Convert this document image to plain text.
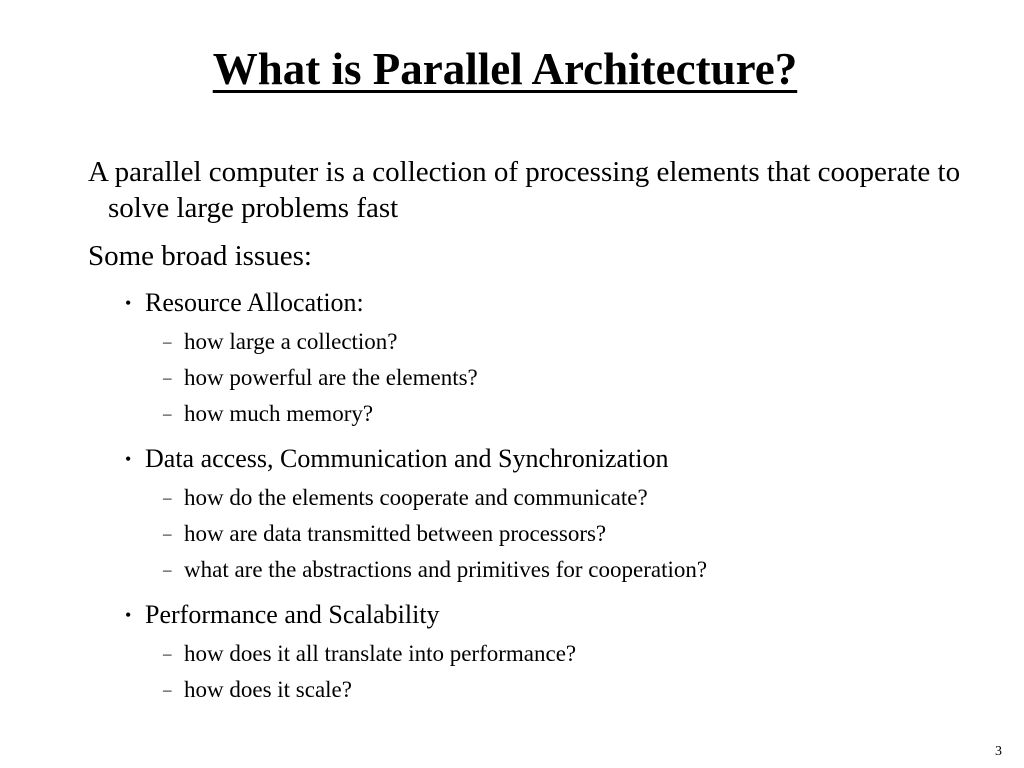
What is Parallel Architecture?

A parallel computer is a collection of processing elements that cooperate to solve large problems fast

Some broad issues:

• Resource Allocation:

– how large a collection?

– how powerful are the elements?

– how much memory?

• Data access, Communication and Synchronization

– how do the elements cooperate and communicate?

– how are data transmitted between processors?

– what are the abstractions and primitives for cooperation?

• Performance and Scalability

– how does it all translate into performance?

– how does it scale?

3
